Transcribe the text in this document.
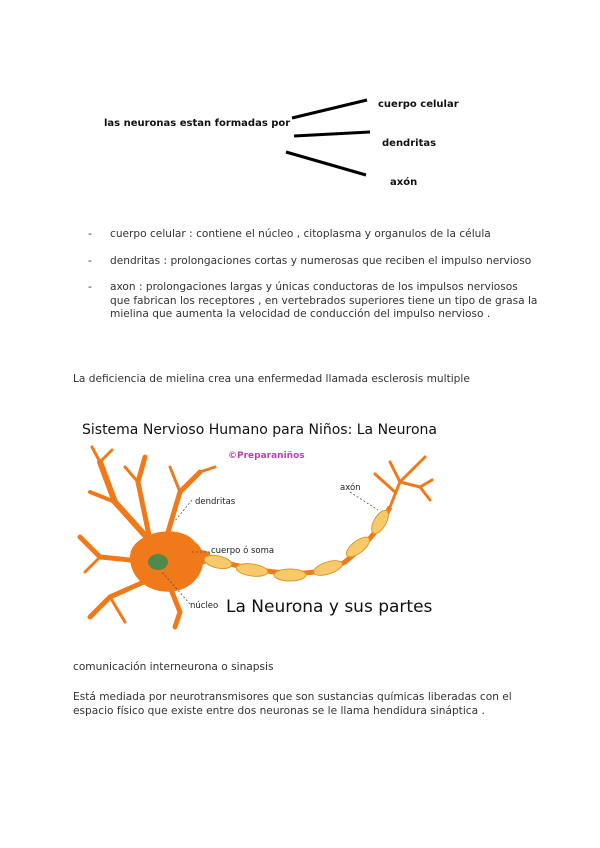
las neuronas estan formadas por
cuerpo celular
dendritas
axón
- cuerpo celular : contiene el núcleo , citoplasma y organulos de la célula
- dendritas : prolongaciones cortas y numerosas que reciben el impulso nervioso
- axon : prolongaciones largas y únicas conductoras de los impulsos nerviosos que fabrican los receptores , en vertebrados superiores tiene un tipo de grasa la mielina que aumenta la velocidad de conducción del impulso nervioso .
La deficiencia de mielina crea una enfermedad llamada esclerosis multiple
Sistema Nervioso Humano para Niños: La Neurona
©Preparaniños
dendritas
axón
cuerpo ó soma
núcleo La Neurona y sus partes
comunicación interneurona o sinapsis
Está mediada por neurotransmisores que son sustancias químicas liberadas con el espacio físico que existe entre dos neuronas se le llama hendidura sináptica .
